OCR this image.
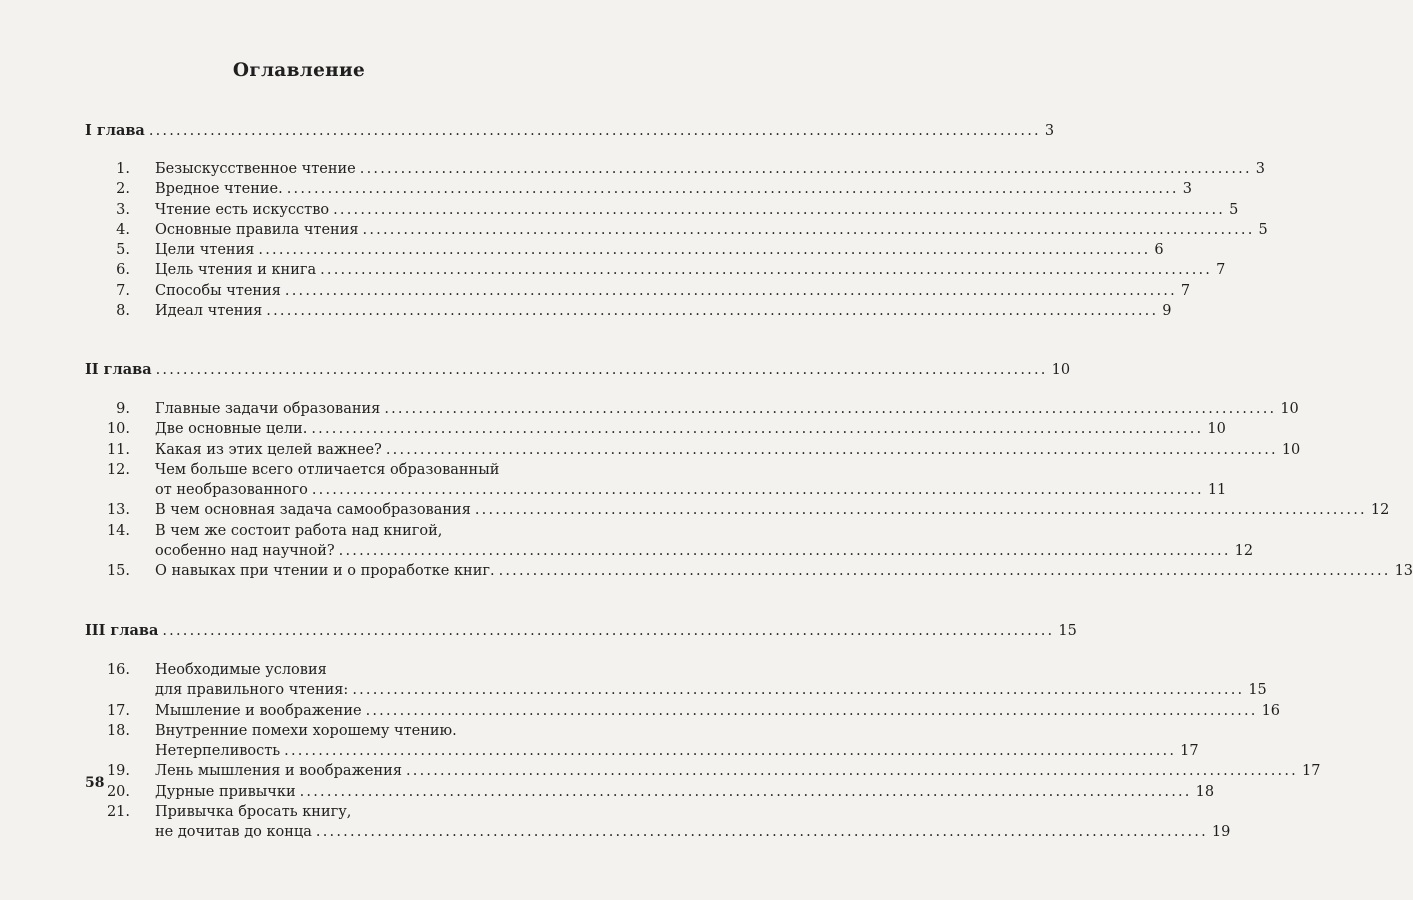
Оглавление
I глава ................................................................................................................................... 3
1. Безыскусственное чтение ................................................................................................................................... 3
2. Вредное чтение. ................................................................................................................................... 3
3. Чтение есть искусство ................................................................................................................................... 5
4. Основные правила чтения ................................................................................................................................... 5
5. Цели чтения ................................................................................................................................... 6
6. Цель чтения и книга ................................................................................................................................... 7
7. Способы чтения ................................................................................................................................... 7
8. Идеал чтения ................................................................................................................................... 9
II глава ................................................................................................................................... 10
9. Главные задачи образования ................................................................................................................................... 10
10. Две основные цели. ................................................................................................................................... 10
11. Какая из этих целей важнее? ................................................................................................................................... 10
12. Чем больше всего отличается образованный
от необразованного ................................................................................................................................... 11
13. В чем основная задача самообразования ................................................................................................................................... 12
14. В чем же состоит работа над книгой,
особенно над научной? ................................................................................................................................... 12
15. О навыках при чтении и о проработке книг. ................................................................................................................................... 13
III глава ................................................................................................................................... 15
16. Необходимые условия
для правильного чтения: ................................................................................................................................... 15
17. Мышление и воображение ................................................................................................................................... 16
18. Внутренние помехи хорошему чтению.
Нетерпеливость ................................................................................................................................... 17
19. Лень мышления и воображения ................................................................................................................................... 17
20. Дурные привычки ................................................................................................................................... 18
21. Привычка бросать книгу,
не дочитав до конца ................................................................................................................................... 19
58
